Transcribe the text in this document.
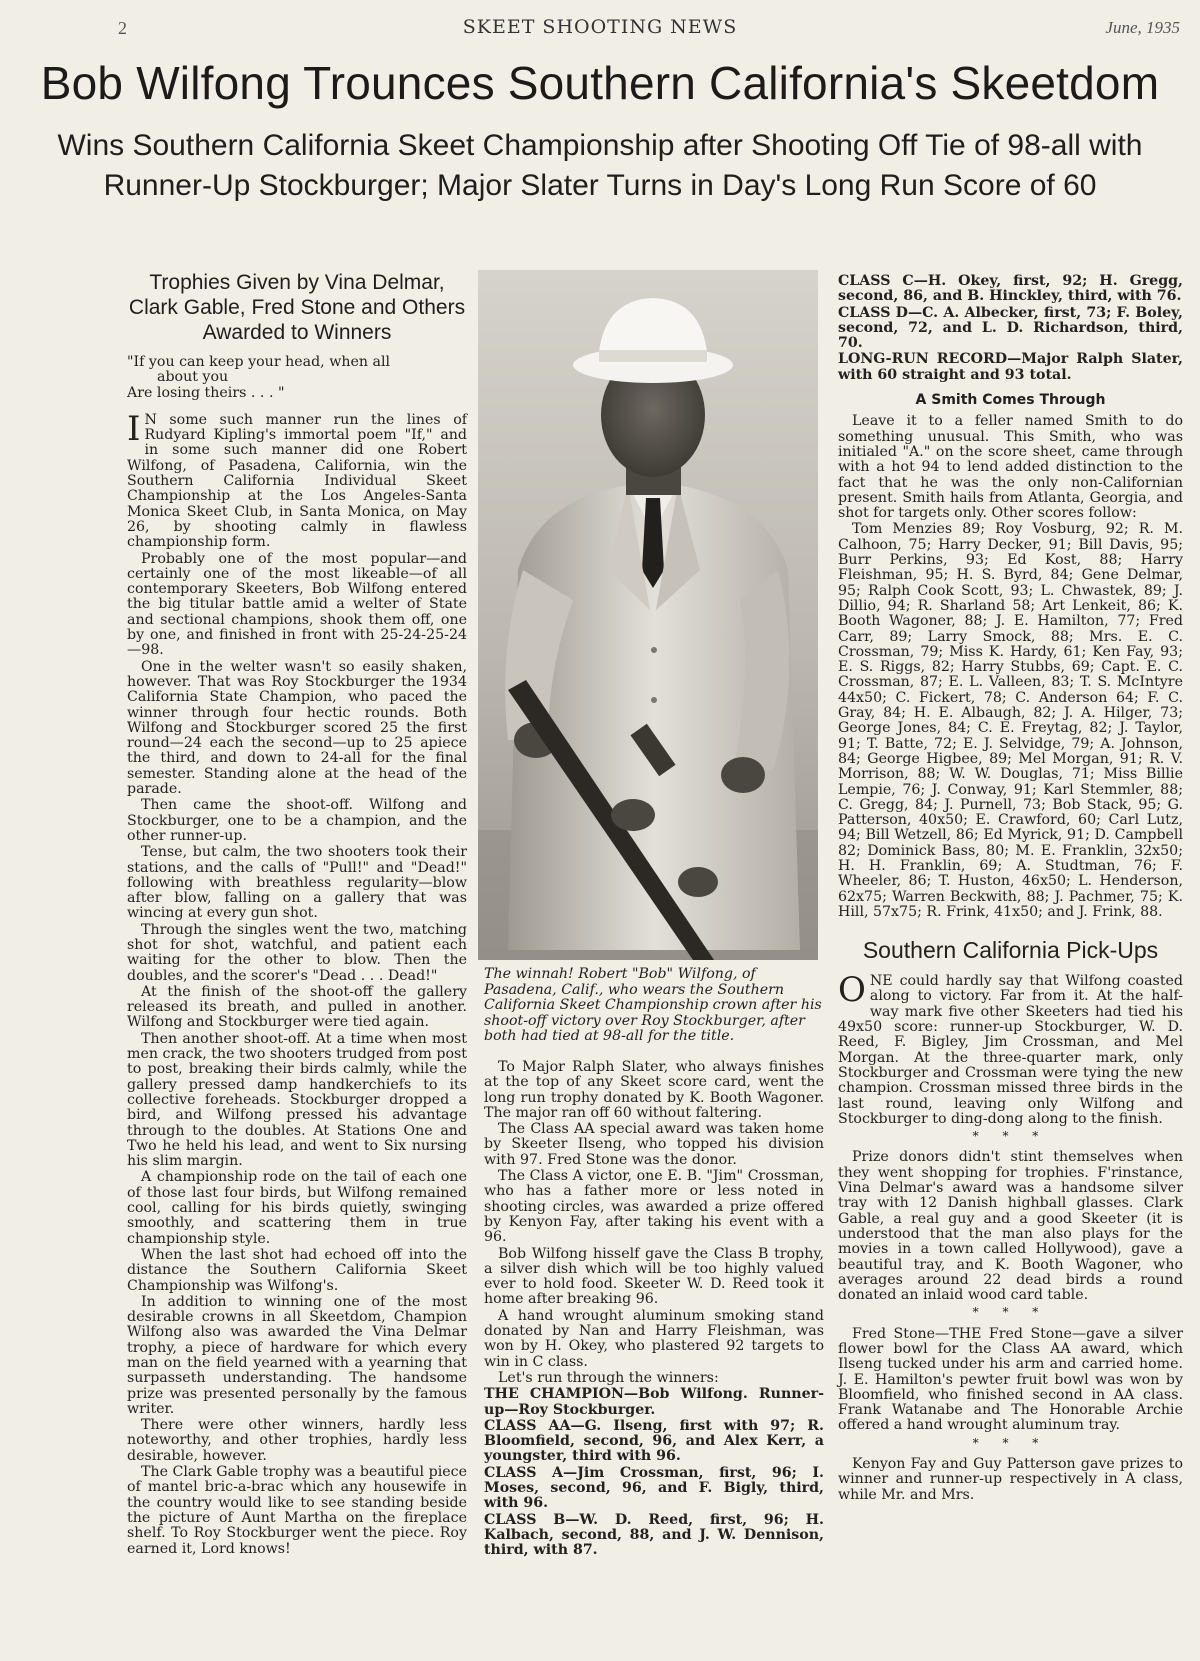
2	SKEET SHOOTING NEWS	June, 1935
Bob Wilfong Trounces Southern California's Skeetdom
Wins Southern California Skeet Championship after Shooting Off Tie of 98-all with Runner-Up Stockburger; Major Slater Turns in Day's Long Run Score of 60
Trophies Given by Vina Delmar, Clark Gable, Fred Stone and Others Awarded to Winners
"If you can keep your head, when all
about you
Are losing theirs . . . "

I N some such manner run the lines of Rudyard Kipling's immortal poem "If," and in some such manner did one Robert Wilfong, of Pasadena, California, win the Southern California Individual Skeet Championship at the Los Angeles-Santa Monica Skeet Club, in Santa Monica, on May 26, by shooting calmly in flawless championship form.

Probably one of the most popular—and certainly one of the most likeable—of all contemporary Skeeters, Bob Wilfong entered the big titular battle amid a welter of State and sectional champions, shook them off, one by one, and finished in front with 25-24-25-24—98.

One in the welter wasn't so easily shaken, however. That was Roy Stockburger the 1934 California State Champion, who paced the winner through four hectic rounds. Both Wilfong and Stockburger scored 25 the first round—24 each the second—up to 25 apiece the third, and down to 24-all for the final semester. Standing alone at the head of the parade.

Then came the shoot-off. Wilfong and Stockburger, one to be a champion, and the other runner-up.

Tense, but calm, the two shooters took their stations, and the calls of "Pull!" and "Dead!" following with breathless regularity—blow after blow, falling on a gallery that was wincing at every gun shot.

Through the singles went the two, matching shot for shot, watchful, and patient each waiting for the other to blow. Then the doubles, and the scorer's "Dead . . . Dead!"

At the finish of the shoot-off the gallery released its breath, and pulled in another. Wilfong and Stockburger were tied again.

Then another shoot-off. At a time when most men crack, the two shooters trudged from post to post, breaking their birds calmly, while the gallery pressed damp handkerchiefs to its collective foreheads. Stockburger dropped a bird, and Wilfong pressed his advantage through to the doubles. At Stations One and Two he held his lead, and went to Six nursing his slim margin.

A championship rode on the tail of each one of those last four birds, but Wilfong remained cool, calling for his birds quietly, swinging smoothly, and scattering them in true championship style.

When the last shot had echoed off into the distance the Southern California Skeet Championship was Wilfong's.

In addition to winning one of the most desirable crowns in all Skeetdom, Champion Wilfong also was awarded the Vina Delmar trophy, a piece of hardware for which every man on the field yearned with a yearning that surpasseth understanding. The handsome prize was presented personally by the famous writer.

There were other winners, hardly less noteworthy, and other trophies, hardly less desirable, however.

The Clark Gable trophy was a beautiful piece of mantel bric-a-brac which any housewife in the country would like to see standing beside the picture of Aunt Martha on the fireplace shelf. To Roy Stockburger went the piece. Roy earned it, Lord knows!

The winnah! Robert "Bob" Wilfong, of Pasadena, Calif., who wears the Southern California Skeet Championship crown after his shoot-off victory over Roy Stockburger, after both had tied at 98-all for the title.

To Major Ralph Slater, who always finishes at the top of any Skeet score card, went the long run trophy donated by K. Booth Wagoner. The major ran off 60 without faltering.

The Class AA special award was taken home by Skeeter Ilseng, who topped his division with 97. Fred Stone was the donor.

The Class A victor, one E. B. "Jim" Crossman, who has a father more or less noted in shooting circles, was awarded a prize offered by Kenyon Fay, after taking his event with a 96.

Bob Wilfong hisself gave the Class B trophy, a silver dish which will be too highly valued ever to hold food. Skeeter W. D. Reed took it home after breaking 96.

A hand wrought aluminum smoking stand donated by Nan and Harry Fleishman, was won by H. Okey, who plastered 92 targets to win in C class.

Let's run through the winners:

THE CHAMPION—Bob Wilfong. Runner-up—Roy Stockburger.

CLASS AA—G. Ilseng, first with 97; R. Bloomfield, second, 96, and Alex Kerr, a youngster, third with 96.

CLASS A—Jim Crossman, first, 96; I. Moses, second, 96, and F. Bigly, third, with 96.

CLASS B—W. D. Reed, first, 96; H. Kalbach, second, 88, and J. W. Dennison, third, with 87.

CLASS C—H. Okey, first, 92; H. Gregg, second, 86, and B. Hinckley, third, with 76.

CLASS D—C. A. Albecker, first, 73; F. Boley, second, 72, and L. D. Richardson, third, 70.

LONG-RUN RECORD—Major Ralph Slater, with 60 straight and 93 total.

A Smith Comes Through

Leave it to a feller named Smith to do something unusual. This Smith, who was initialed "A." on the score sheet, came through with a hot 94 to lend added distinction to the fact that he was the only non-Californian present. Smith hails from Atlanta, Georgia, and shot for targets only. Other scores follow:

Tom Menzies 89; Roy Vosburg, 92; R. M. Calhoon, 75; Harry Decker, 91; Bill Davis, 95; Burr Perkins, 93; Ed Kost, 88; Harry Fleishman, 95; H. S. Byrd, 84; Gene Delmar, 95; Ralph Cook Scott, 93; L. Chwastek, 89; J. Dillio, 94; R. Sharland 58; Art Lenkeit, 86; K. Booth Wagoner, 88; J. E. Hamilton, 77; Fred Carr, 89; Larry Smock, 88; Mrs. E. C. Crossman, 79; Miss K. Hardy, 61; Ken Fay, 93; E. S. Riggs, 82; Harry Stubbs, 69; Capt. E. C. Crossman, 87; E. L. Valleen, 83; T. S. McIntyre 44x50; C. Fickert, 78; C. Anderson 64; F. C. Gray, 84; H. E. Albaugh, 82; J. A. Hilger, 73; George Jones, 84; C. E. Freytag, 82; J. Taylor, 91; T. Batte, 72; E. J. Selvidge, 79; A. Johnson, 84; George Higbee, 89; Mel Morgan, 91; R. V. Morrison, 88; W. W. Douglas, 71; Miss Billie Lempie, 76; J. Conway, 91; Karl Stemmler, 88; C. Gregg, 84; J. Purnell, 73; Bob Stack, 95; G. Patterson, 40x50; E. Crawford, 60; Carl Lutz, 94; Bill Wetzell, 86; Ed Myrick, 91; D. Campbell 82; Dominick Bass, 80; M. E. Franklin, 32x50; H. H. Franklin, 69; A. Studtman, 76; F. Wheeler, 86; T. Huston, 46x50; L. Henderson, 62x75; Warren Beckwith, 88; J. Pachmer, 75; K. Hill, 57x75; R. Frink, 41x50; and J. Frink, 88.

Southern California Pick-Ups

ONE could hardly say that Wilfong coasted along to victory. Far from it. At the half-way mark five other Skeeters had tied his 49x50 score: runner-up Stockburger, W. D. Reed, F. Bigley, Jim Crossman, and Mel Morgan. At the three-quarter mark, only Stockburger and Crossman were tying the new champion. Crossman missed three birds in the last round, leaving only Wilfong and Stockburger to ding-dong along to the finish.

* * *

Prize donors didn't stint themselves when they went shopping for trophies. F'rinstance, Vina Delmar's award was a handsome silver tray with 12 Danish highball glasses. Clark Gable, a real guy and a good Skeeter (it is understood that the man also plays for the movies in a town called Hollywood), gave a beautiful tray, and K. Booth Wagoner, who averages around 22 dead birds a round donated an inlaid wood card table.

* * *

Fred Stone—THE Fred Stone—gave a silver flower bowl for the Class AA award, which Ilseng tucked under his arm and carried home. J. E. Hamilton's pewter fruit bowl was won by Bloomfield, who finished second in AA class. Frank Watanabe and The Honorable Archie offered a hand wrought aluminum tray.

* * *

Kenyon Fay and Guy Patterson gave prizes to winner and runner-up respectively in A class, while Mr. and Mrs.
